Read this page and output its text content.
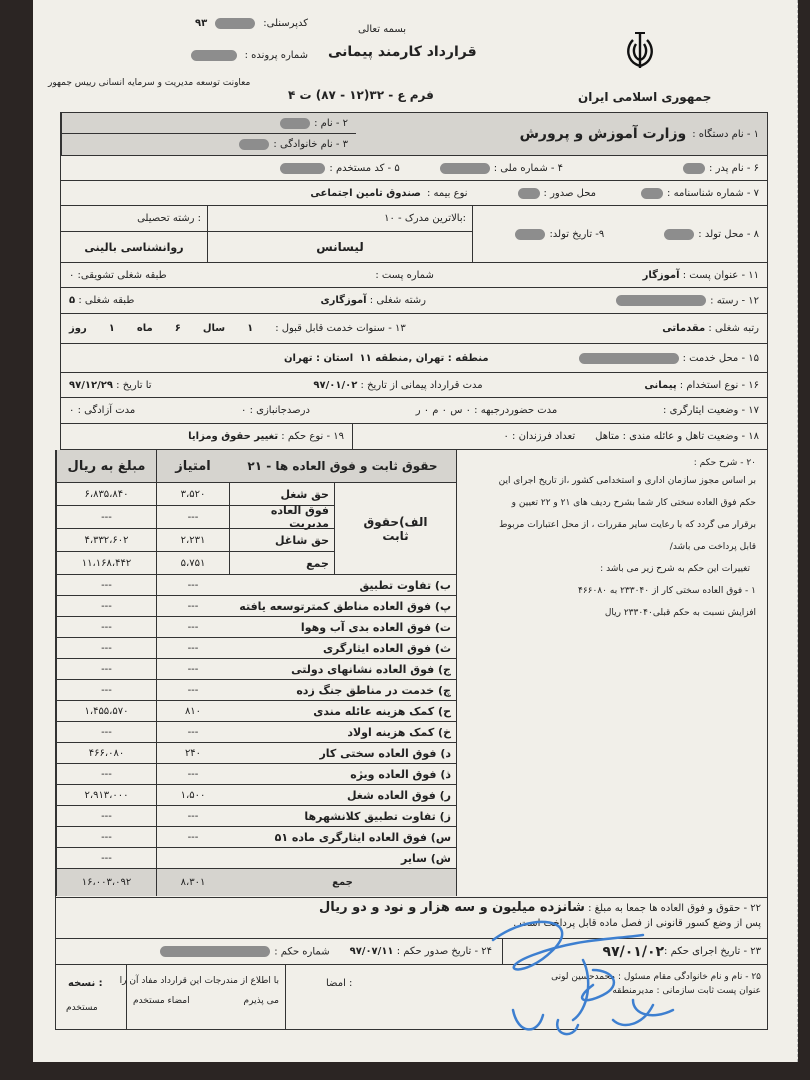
بسمه تعالی
قرارداد کارمند پیمانی
فرم ع - ۳۲(۱۲ - ۸۷) ت ۴	جمهوری اسلامی ایران
کدپرسنلی:
۹۳
شماره پرونده :
معاونت توسعه مدیریت و سرمایه انسانی رییس جمهور
۱ - نام دستگاه :
وزارت آموزش و پرورش
۲ - نام :
۳ - نام خانوادگی :
۶ - نام پدر :
۴ - شماره ملی :
۵ - کد مستخدم :
۷ - شماره شناسنامه :
محل صدور :
نوع بیمه :
صندوق تامین اجتماعی
۸ - محل تولد :
۹- تاریخ تولد:
۱۰ - بالاترین مدرک:
لیسانس
رشته تحصیلی :
روانشناسی بالینی
۱۱ - عنوان پست : آموزگار
شماره پست :
طبقه شغلی تشویقی: ۰
۱۲ - رسته :
رشته شغلی : آموزگاری
طبقه شغلی : ۵
رتبه شغلی : مقدماتی
۱۳ - سنوات خدمت قابل قبول :
۱
سال
۶
ماه
۱
روز
۱۵ - محل خدمت :
منطقه : تهران ,منطقه ۱۱

استان : تهران
۱۶ - نوع استخدام : پیمانی
مدت قرارداد پیمانی از تاریخ : ۹۷/۰۱/۰۲
تا تاریخ : ۹۷/۱۲/۲۹
۱۷ - وضعیت ایثارگری :
مدت حضوردرجبهه : ۰ س ۰ م ۰ ر
درصدجانبازی : ۰
مدت آزادگی : ۰
۱۸ - وضعیت تاهل و عائله مندی : متاهل
تعداد فرزندان : ۰
۱۹ - نوع حکم : تغییر حقوق ومزایا
مبلغ به ریال	امتیاز	۲۱ - حقوق ثابت و فوق العاده ها
۶،۸۳۵،۸۴۰	۳،۵۲۰	حق شغل
---	---	فوق العاده مدیریت
۴،۳۳۲،۶۰۲	۲،۲۳۱	حق شاغل
۱۱،۱۶۸،۴۴۲	۵،۷۵۱	جمع
الف)حقوق ثابت
---	---	ب) تفاوت تطبیق
---	---	پ) فوق العاده مناطق کمترتوسعه یافته
---	---	ت) فوق العاده بدی آب وهوا
---	---	ث) فوق العاده ایثارگری
---	---	ج) فوق العاده نشانهای دولتی
---	---	چ) خدمت در مناطق جنگ زده
۱،۴۵۵،۵۷۰	۸۱۰	ح) کمک هزینه عائله مندی
---	---	خ) کمک هزینه اولاد
۴۶۶،۰۸۰	۲۴۰	د) فوق العاده سختی کار
---	---	ذ) فوق العاده ویژه
۲،۹۱۳،۰۰۰	۱،۵۰۰	ر) فوق العاده شغل
---	---	ز) تفاوت تطبیق کلانشهرها
---	---	س) فوق العاده ایثارگری ماده ۵۱
---	ش) سایر
۱۶،۰۰۳،۰۹۲	۸،۳۰۱	جمع
۲۰ - شرح حکم :
بر اساس مجوز سازمان اداری و استخدامی کشور ،از تاریخ اجرای این
حکم فوق العاده سختی کار شما بشرح ردیف های ۲۱ و ۲۲ تعیین و
برقرار می گردد که با رعایت سایر مقررات ، از محل اعتبارات مربوط
قابل پرداخت می باشد/
تغییرات این حکم به شرح زیر می باشد :
۱ - فوق العاده سختی کار از ۲۳۳۰۴۰ به ۴۶۶۰۸۰
افزایش نسبت به حکم قبلی۲۳۳۰۴۰ ریال
۲۲ - حقوق و فوق العاده ها جمعا به مبلغ : شانزده میلیون و سه هزار و نود و دو ریال
پس از وضع کسور قانونی از فصل ماده قابل پرداخت است .
۲۳ - تاریخ اجرای حکم :
۹۷/۰۱/۰۲
۲۴ - تاریخ صدور حکم : ۹۷/۰۷/۱۱
شماره حکم :
۲۵ - نام و نام خانوادگی مقام مسئول : محمدحسین لونی
عنوان پست ثابت سازمانی : مدیرمنطقه
امضا :
با اطلاع از مندرجات این قرارداد مفاد آن را
می پذیرم
امضاء مستخدم
نسخه :
مستخدم
